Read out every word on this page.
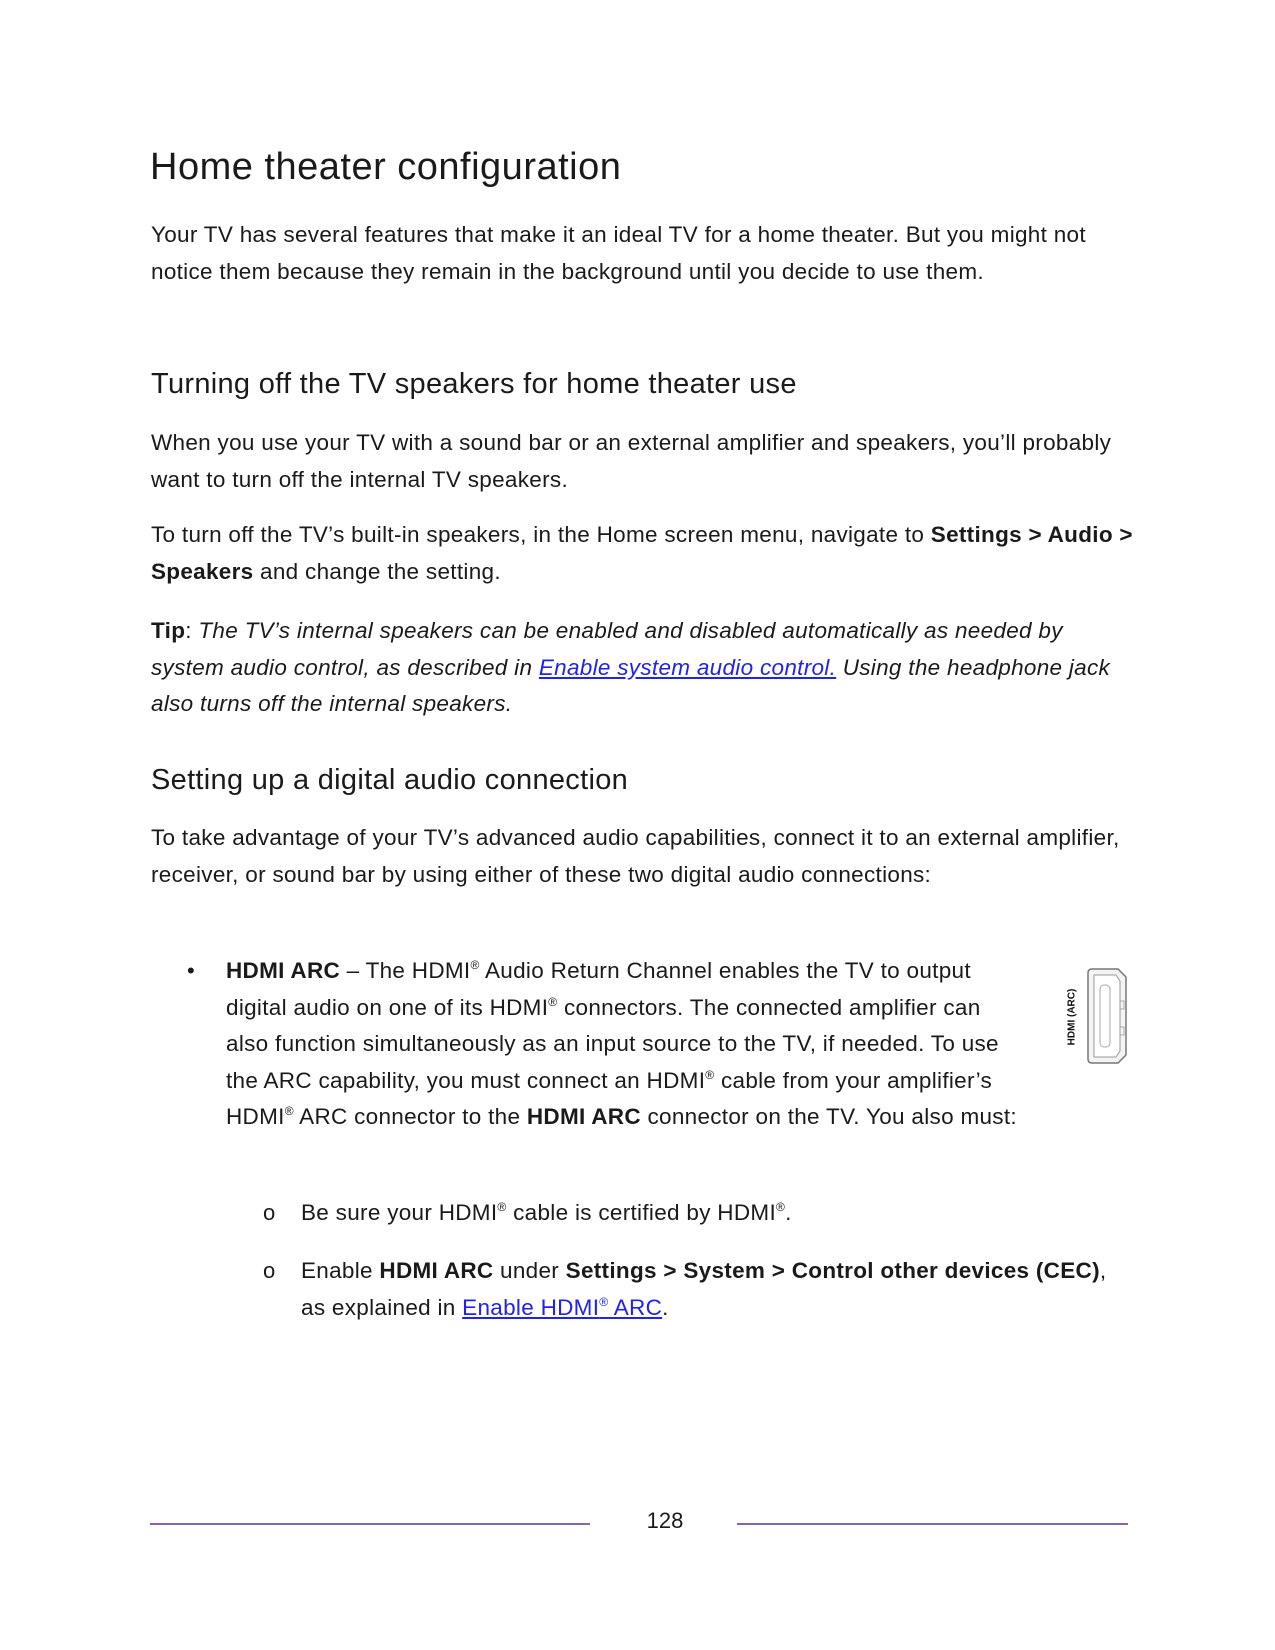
Home theater configuration
Your TV has several features that make it an ideal TV for a home theater. But you might not notice them because they remain in the background until you decide to use them.
Turning off the TV speakers for home theater use
When you use your TV with a sound bar or an external amplifier and speakers, you’ll probably want to turn off the internal TV speakers.
To turn off the TV’s built-in speakers, in the Home screen menu, navigate to Settings > Audio > Speakers and change the setting.
Tip: The TV’s internal speakers can be enabled and disabled automatically as needed by system audio control, as described in Enable system audio control. Using the headphone jack also turns off the internal speakers.
Setting up a digital audio connection
To take advantage of your TV’s advanced audio capabilities, connect it to an external amplifier, receiver, or sound bar by using either of these two digital audio connections:
• HDMI ARC – The HDMI® Audio Return Channel enables the TV to output digital audio on one of its HDMI® connectors. The connected amplifier can also function simultaneously as an input source to the TV, if needed. To use the ARC capability, you must connect an HDMI® cable from your amplifier’s HDMI® ARC connector to the HDMI ARC connector on the TV. You also must:
HDMI (ARC)
o Be sure your HDMI® cable is certified by HDMI®.
o Enable HDMI ARC under Settings > System > Control other devices (CEC), as explained in Enable HDMI® ARC.
128
